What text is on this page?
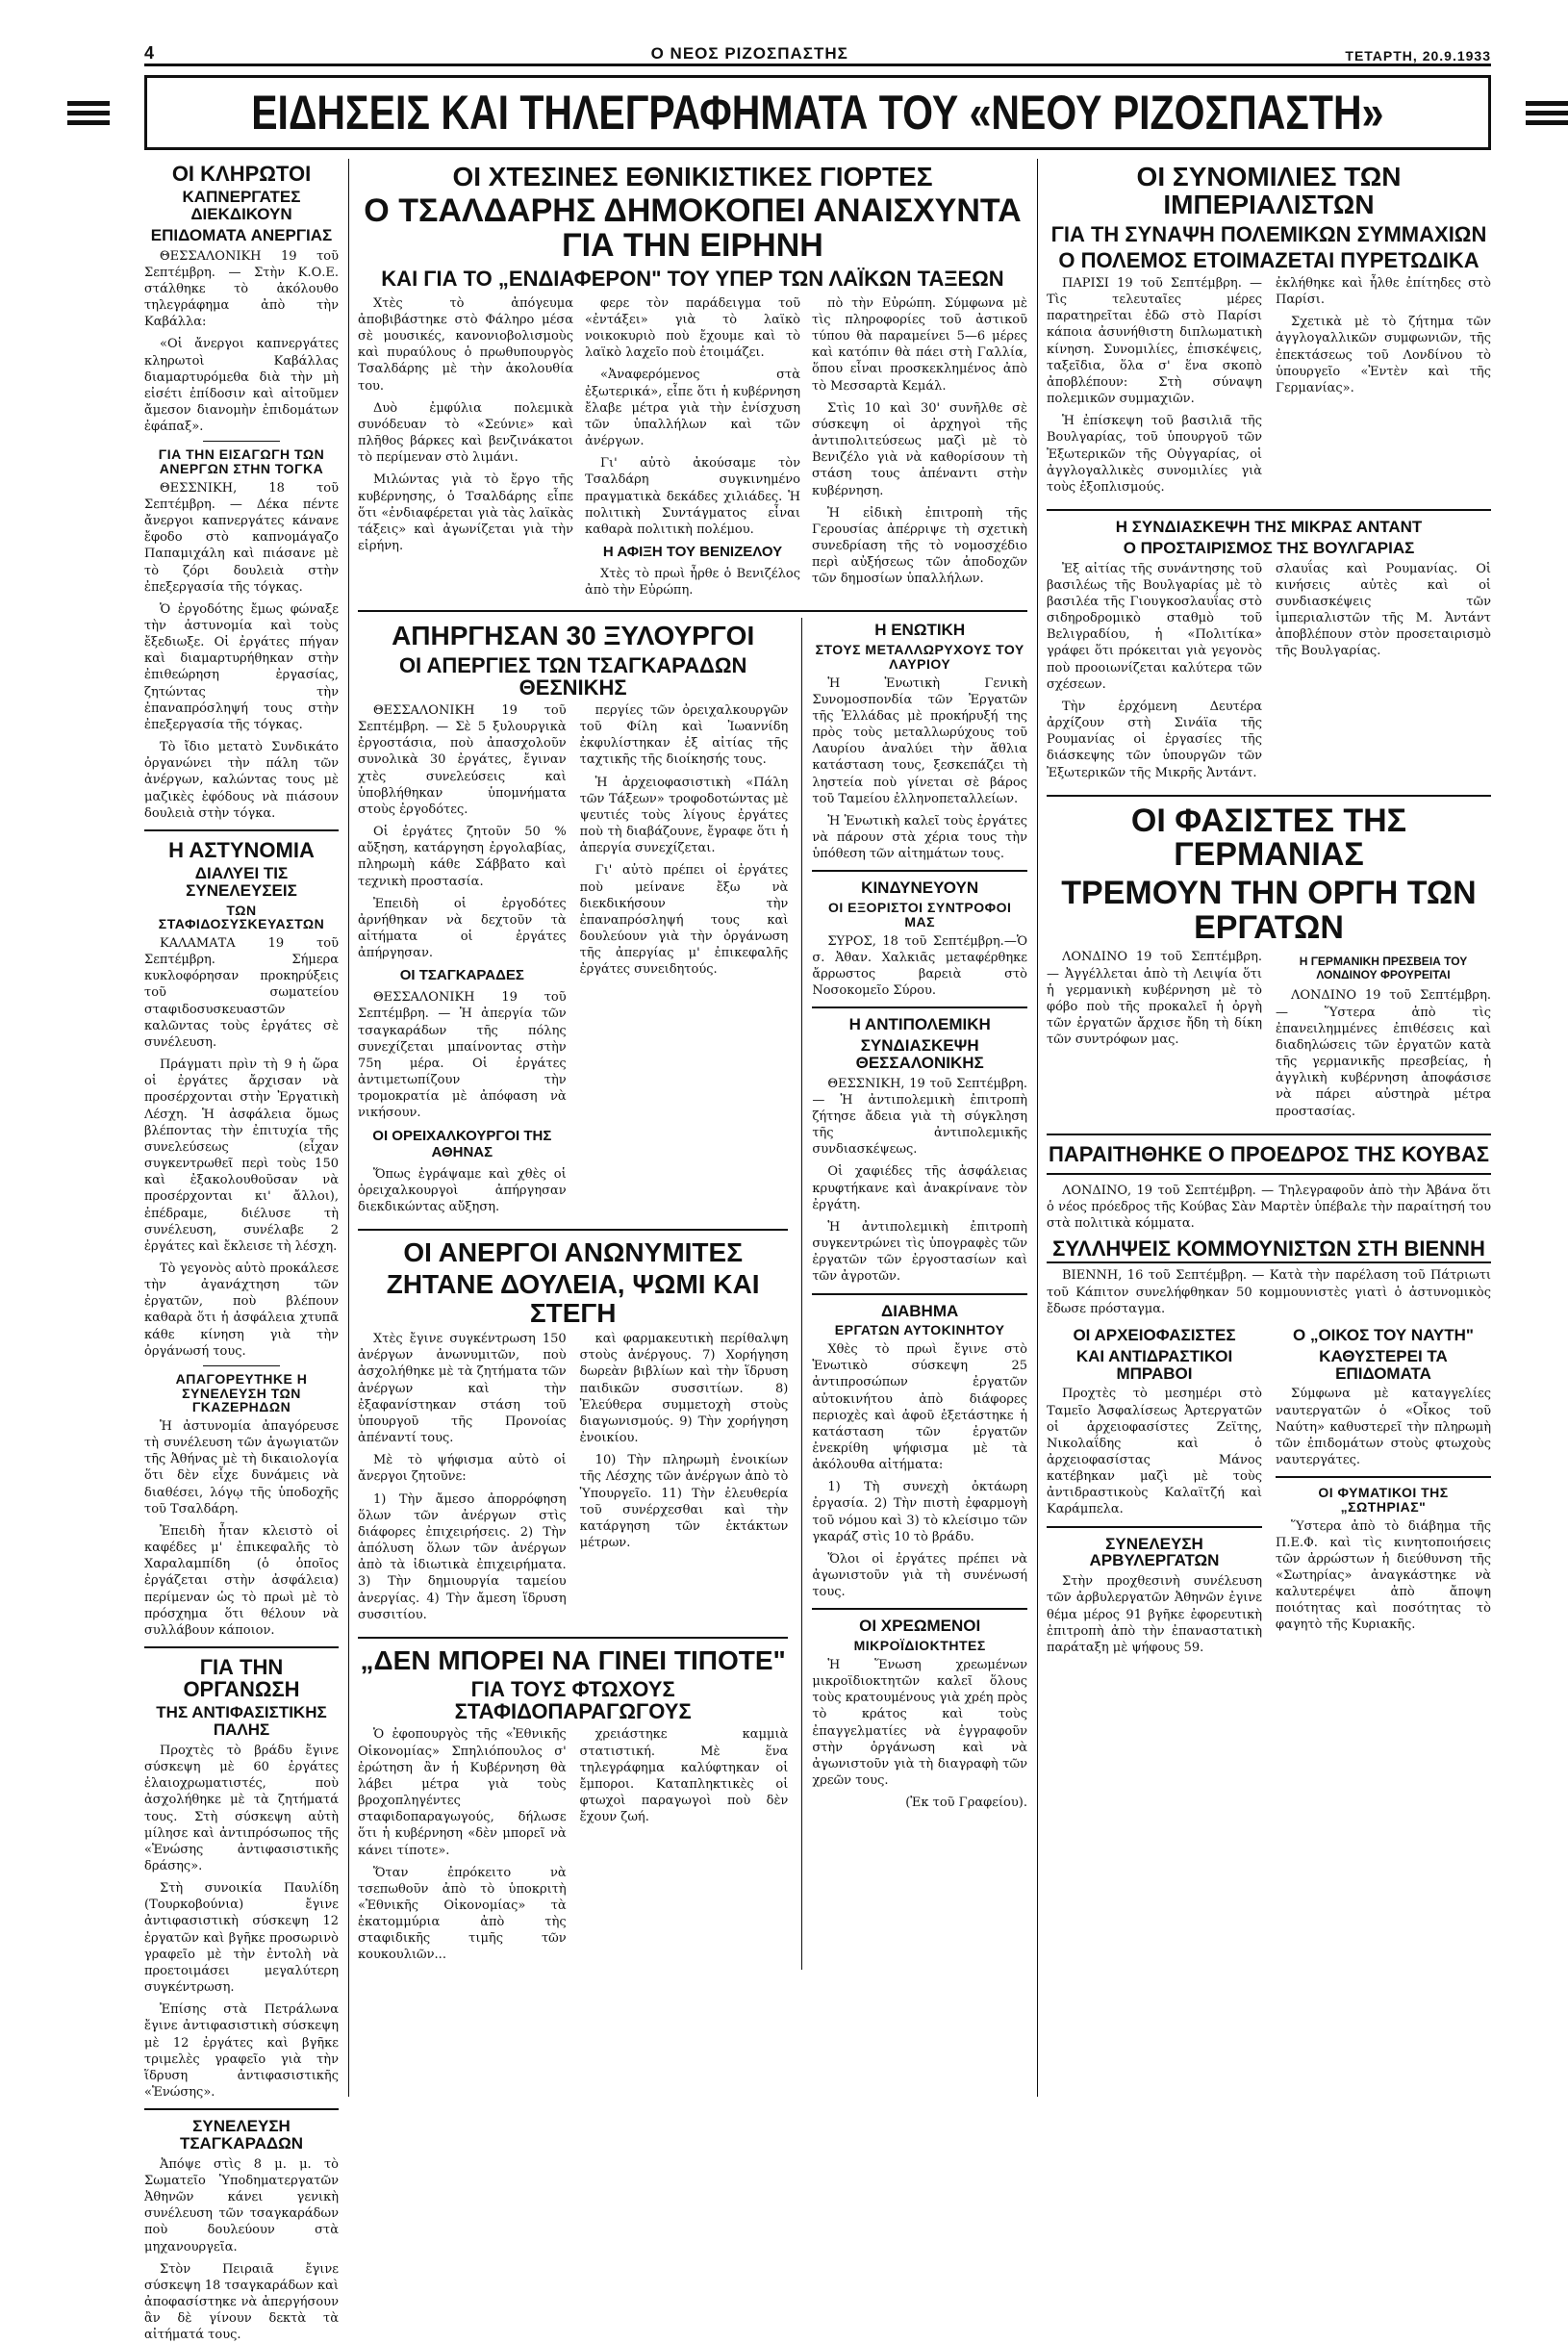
4	Ο ΝΕΟΣ ΡΙΖΟΣΠΑΣΤΗΣ	ΤΕΤΑΡΤΗ, 20.9.1933
ΕΙΔΗΣΕΙΣ ΚΑΙ ΤΗΛΕΓΡΑΦΗΜΑΤΑ ΤΟΥ «ΝΕΟΥ ΡΙΖΟΣΠΑΣΤΗ»
ΟΙ ΚΛΗΡΩΤΟΙ
ΚΑΠΝΕΡΓΑΤΕΣ ΔΙΕΚΔΙΚΟΥΝ
ΕΠΙΔΟΜΑΤΑ ΑΝΕΡΓΙΑΣ

ΘΕΣΣΑΛΟΝΙΚΗ 19 τοῦ Σεπτέμβρη. — Στὴν Κ.Ο.Ε. στάλθηκε τὸ ἀκόλουθο τηλεγράφημα ἀπὸ τὴν Καβάλλα:

«Οἱ ἄνεργοι καπνεργάτες κληρωτοὶ Καβάλλας διαμαρτυρόμεθα διὰ τὴν μὴ εἰσέτι ἐπίδοσιν καὶ αἰτοῦμεν ἄμεσον διανομὴν ἐπιδομάτων ἐφάπαξ».

ΓΙΑ ΤΗΝ ΕΙΣΑΓΩΓΗ ΤΩΝ ΑΝΕΡΓΩΝ ΣΤΗΝ ΤΟΓΚΑ

ΘΕΣΣΝΙΚΗ, 18 τοῦ Σεπτέμβρη. — Δέκα πέντε ἄνεργοι καπνεργάτες κάνανε ἔφοδο στὸ καπνομάγαζο Παπαμιχάλη καὶ πιάσανε μὲ τὸ ζόρι δουλειὰ στὴν ἐπεξεργασία τῆς τόγκας.

Ὁ ἐργοδότης ἔμως φώναξε τὴν ἀστυνομία καὶ τοὺς ἔξεδιωξε. Οἱ ἐργάτες πήγαν καὶ διαμαρτυρήθηκαν στὴν ἐπιθεώρηση ἐργασίας, ζητώντας τὴν ἐπαναπρόσληψή τους στὴν ἐπεξεργασία τῆς τόγκας.

Τὸ ἴδιο μετατὸ Συνδικάτο ὀργανώνει τὴν πάλη τῶν ἀνέργων, καλώντας τους μὲ μαζικὲς ἐφόδους νὰ πιάσουν δουλειὰ στὴν τόγκα.

Η ΑΣΤΥΝΟΜΙΑ
ΔΙΑΛΥΕΙ ΤΙΣ ΣΥΝΕΛΕΥΣΕΙΣ
ΤΩΝ ΣΤΑΦΙΔΟΣΥΣΚΕΥΑΣΤΩΝ

ΚΑΛΑΜΑΤΑ 19 τοῦ Σεπτέμβρη. Σήμερα κυκλοφόρησαν προκηρύξεις τοῦ σωματείου σταφιδοσυσκευαστῶν καλῶντας τοὺς ἐργάτες σὲ συνέλευση.

Πράγματι πρὶν τὴ 9 ἡ ὥρα οἱ ἐργάτες ἄρχισαν νὰ προσέρχονται στὴν Ἐργατικὴ Λέσχη. Ἡ ἀσφάλεια ὅμως βλέποντας τὴν ἐπιτυχία τῆς συνελεύσεως (εἶχαν συγκεντρωθεῖ περὶ τοὺς 150 καὶ ἐξακολουθοῦσαν νὰ προσέρχονται κι' ἄλλοι), ἐπέδραμε, διέλυσε τὴ συνέλευση, συνέλαβε 2 ἐργάτες καὶ ἔκλεισε τὴ λέσχη.

Τὸ γεγονὸς αὐτὸ προκάλεσε τὴν ἀγανάχτηση τῶν ἐργατῶν, ποὺ βλέπουν καθαρὰ ὅτι ἡ ἀσφάλεια χτυπᾶ κάθε κίνηση γιὰ τὴν ὀργάνωσή τους.

ΑΠΑΓΟΡΕΥΤΗΚΕ Η ΣΥΝΕΛΕΥΣΗ ΤΩΝ ΓΚΑΖΕΡΗΔΩΝ

Ἡ ἀστυνομία ἀπαγόρευσε τὴ συνέλευση τῶν ἀγωγιατῶν τῆς Ἀθήνας μὲ τὴ δικαιολογία ὅτι δὲν εἶχε δυνάμεις νὰ διαθέσει, λόγῳ τῆς ὑποδοχῆς τοῦ Τσαλδάρη.

Ἐπειδὴ ἦταν κλειστὸ οἱ καφέδες μ' ἐπικεφαλῆς τὸ Χαραλαμπίδη (ὁ ὁποῖος ἐργάζεται στὴν ἀσφάλεια) περίμεναν ὡς τὸ πρωὶ μὲ τὸ πρόσχημα ὅτι θέλουν νὰ συλλάβουν κάποιον.

ΓΙΑ ΤΗΝ ΟΡΓΑΝΩΣΗ
ΤΗΣ ΑΝΤΙΦΑΣΙΣΤΙΚΗΣ ΠΑΛΗΣ

Προχτὲς τὸ βράδυ ἔγινε σύσκεψη μὲ 60 ἐργάτες ἐλαιοχρωματιστές, ποὺ ἀσχολήθηκε μὲ τὰ ζητήματά τους. Στὴ σύσκεψη αὐτὴ μίλησε καὶ ἀντιπρόσωπος τῆς «Ἑνώσης ἀντιφασιστικῆς δράσης».

Στὴ συνοικία Παυλίδη (Τουρκοβούνια) ἔγινε ἀντιφασιστικὴ σύσκεψη 12 ἐργατῶν καὶ βγῆκε προσωρινὸ γραφεῖο μὲ τὴν ἐντολὴ νὰ προετοιμάσει μεγαλύτερη συγκέντρωση.

Ἐπίσης στὰ Πετράλωνα ἔγινε ἀντιφασιστικὴ σύσκεψη μὲ 12 ἐργάτες καὶ βγῆκε τριμελὲς γραφεῖο γιὰ τὴν ἵδρυση ἀντιφασιστικῆς «Ἑνώσης».

ΣΥΝΕΛΕΥΣΗ ΤΣΑΓΚΑΡΑΔΩΝ

Ἀπόψε στὶς 8 μ. μ. τὸ Σωματεῖο Ὑποδηματεργατῶν Ἀθηνῶν κάνει γενικὴ συνέλευση τῶν τσαγκαράδων ποὺ δουλεύουν στὰ μηχανουργεῖα.

Στὸν Πειραιᾶ ἔγινε σύσκεψη 18 τσαγκαράδων καὶ ἀποφασίστηκε νὰ ἀπεργήσουν ἂν δὲ γίνουν δεκτὰ τὰ αἰτήματά τους.

ΟΙ ΧΤΕΣΙΝΕΣ ΕΘΝΙΚΙΣΤΙΚΕΣ ΓΙΟΡΤΕΣ
Ο ΤΣΑΛΔΑΡΗΣ ΔΗΜΟΚΟΠΕΙ ΑΝΑΙΣΧΥΝΤΑ ΓΙΑ ΤΗΝ ΕΙΡΗΝΗ
ΚΑΙ ΓΙΑ ΤΟ „ΕΝΔΙΑΦΕΡΟΝ" ΤΟΥ ΥΠΕΡ ΤΩΝ ΛΑΪΚΩΝ ΤΑΞΕΩΝ

Χτὲς τὸ ἀπόγευμα ἀποβιβάστηκε στὸ Φάληρο μέσα σὲ μουσικές, κανονιοβολισμοὺς καὶ πυραύλους ὁ πρωθυπουργὸς Τσαλδάρης μὲ τὴν ἀκολουθία του.

Δυὸ ἐμφύλια πολεμικὰ συνόδευαν τὸ «Σεύνιε» καὶ πλῆθος βάρκες καὶ βενζινάκατοι τὸ περίμεναν στὸ λιμάνι.

Μιλώντας γιὰ τὸ ἔργο τῆς κυβέρνησης, ὁ Τσαλδάρης εἶπε ὅτι «ἐνδιαφέρεται γιὰ τὰς λαϊκὰς τάξεις» καὶ ἀγωνίζεται γιὰ τὴν εἰρήνη.

φερε τὸν παράδειγμα τοῦ «ἐντάξει» γιὰ τὸ λαϊκὸ νοικοκυριὸ ποὺ ἔχουμε καὶ τὸ λαϊκὸ λαχεῖο ποὺ ἐτοιμάζει.

«Ἀναφερόμενος στὰ ἐξωτερικά», εἶπε ὅτι ἡ κυβέρνηση ἔλαβε μέτρα γιὰ τὴν ἐνίσχυση τῶν ὑπαλλήλων καὶ τῶν ἀνέργων.

Γι' αὐτὸ ἀκούσαμε τὸν Τσαλδάρη συγκινημένο πραγματικὰ δεκάδες χιλιάδες. Ἡ πολιτικὴ Συντάγματος εἶναι καθαρὰ πολιτικὴ πολέμου.

Η ΑΦΙΞΗ ΤΟΥ ΒΕΝΙΖΕΛΟΥ

Χτὲς τὸ πρωὶ ἦρθε ὁ Βενιζέλος ἀπὸ τὴν Εὐρώπη.

πὸ τὴν Εὐρώπη. Σύμφωνα μὲ τὶς πληροφορίες τοῦ ἀστικοῦ τύπου θὰ παραμείνει 5—6 μέρες καὶ κατόπιν θὰ πάει στὴ Γαλλία, ὅπου εἶναι προσκεκλημένος ἀπὸ τὸ Μεσσαρτὰ Κεμάλ.

Στὶς 10 καὶ 30' συνῆλθε σὲ σύσκεψη οἱ ἀρχηγοὶ τῆς ἀντιπολιτεύσεως μαζὶ μὲ τὸ Βενιζέλο γιὰ νὰ καθορίσουν τὴ στάση τους ἀπέναντι στὴν κυβέρνηση.

Ἡ εἰδικὴ ἐπιτροπὴ τῆς Γερουσίας ἀπέρριψε τὴ σχετικὴ συνεδρίαση τῆς τὸ νομοσχέδιο περὶ αὐξήσεως τῶν ἀποδοχῶν τῶν δημοσίων ὑπαλλήλων.

ΑΠΗΡΓΗΣΑΝ 30 ΞΥΛΟΥΡΓΟΙ
ΟΙ ΑΠΕΡΓΙΕΣ ΤΩΝ ΤΣΑΓΚΑΡΑΔΩΝ ΘΕΣΝΙΚΗΣ

ΘΕΣΣΑΛΟΝΙΚΗ 19 τοῦ Σεπτέμβρη. — Σὲ 5 ξυλουργικὰ ἐργοστάσια, ποὺ ἀπασχολοῦν συνολικὰ 30 ἐργάτες, ἔγιναν χτὲς συνελεύσεις καὶ ὑποβλήθηκαν ὑπομνήματα στοὺς ἐργοδότες.

Οἱ ἐργάτες ζητοῦν 50 % αὔξηση, κατάργηση ἐργολαβίας, πληρωμὴ κάθε Σάββατο καὶ τεχνικὴ προστασία.

Ἐπειδὴ οἱ ἐργοδότες ἀρνήθηκαν νὰ δεχτοῦν τὰ αἰτήματα οἱ ἐργάτες ἀπήργησαν.

ΟΙ ΤΣΑΓΚΑΡΑΔΕΣ

ΘΕΣΣΑΛΟΝΙΚΗ 19 τοῦ Σεπτέμβρη. — Ἡ ἀπεργία τῶν τσαγκαράδων τῆς πόλης συνεχίζεται μπαίνοντας στὴν 75η μέρα. Οἱ ἐργάτες ἀντιμετωπίζουν τὴν τρομοκρατία μὲ ἀπόφαση νὰ νικήσουν.

ΟΙ ΟΡΕΙΧΑΛΚΟΥΡΓΟΙ ΤΗΣ ΑΘΗΝΑΣ

Ὅπως ἐγράψαμε καὶ χθὲς οἱ ὀρειχαλκουργοὶ ἀπήργησαν διεκδικώντας αὔξηση.

περγίες τῶν ὀρειχαλκουργῶν τοῦ Φίλη καὶ Ἰωαννίδη ἐκφυλίστηκαν ἐξ αἰτίας τῆς ταχτικῆς τῆς διοίκησής τους.

Ἡ ἀρχειοφασιστικὴ «Πάλη τῶν Τάξεων» τροφοδοτώντας μὲ ψευτιές τοὺς λίγους ἐργάτες ποὺ τὴ διαβάζουνε, ἔγραφε ὅτι ἡ ἀπεργία συνεχίζεται.

Γι' αὐτὸ πρέπει οἱ ἐργάτες ποὺ μείνανε ἔξω νὰ διεκδικήσουν τὴν ἐπαναπρόσληψή τους καὶ δουλεύουν γιὰ τὴν ὀργάνωση τῆς ἀπεργίας μ' ἐπικεφαλῆς ἐργάτες συνειδητούς.

ΟΙ ΑΝΕΡΓΟΙ ΑΝΩΝΥΜΙΤΕΣ
ΖΗΤΑΝΕ ΔΟΥΛΕΙΑ, ΨΩΜΙ ΚΑΙ ΣΤΕΓΗ

Χτὲς ἔγινε συγκέντρωση 150 ἀνέργων ἀνωνυμιτῶν, ποὺ ἀσχολήθηκε μὲ τὰ ζητήματα τῶν ἀνέργων καὶ τὴν ἐξαφανίστηκαν στάση τοῦ ὑπουργοῦ τῆς Προνοίας ἀπέναντί τους.

Μὲ τὸ ψήφισμα αὐτὸ οἱ ἄνεργοι ζητοῦνε:

1) Τὴν ἄμεσο ἀπορρόφηση ὅλων τῶν ἀνέργων στὶς διάφορες ἐπιχειρήσεις. 2) Τὴν ἀπόλυση ὅλων τῶν ἀνέργων ἀπὸ τὰ ἰδιωτικὰ ἐπιχειρήματα. 3) Τὴν δημιουργία ταμείου ἀνεργίας. 4) Τὴν ἄμεση ἵδρυση συσσιτίου.

καὶ φαρμακευτικὴ περίθαλψη στοὺς ἀνέργους. 7) Χορήγηση δωρεὰν βιβλίων καὶ τὴν ἵδρυση παιδικῶν συσσιτίων. 8) Ἐλεύθερα συμμετοχὴ στοὺς διαγωνισμούς. 9) Τὴν χορήγηση ἐνοικίου.

10) Τὴν πληρωμὴ ἐνοικίων τῆς Λέσχης τῶν ἀνέργων ἀπὸ τὸ Ὑπουργεῖο. 11) Τὴν ἐλευθερία τοῦ συνέρχεσθαι καὶ τὴν κατάργηση τῶν ἐκτάκτων μέτρων.

„ΔΕΝ ΜΠΟΡΕΙ ΝΑ ΓΙΝΕΙ ΤΙΠΟΤΕ"
ΓΙΑ ΤΟΥΣ ΦΤΩΧΟΥΣ ΣΤΑΦΙΔΟΠΑΡΑΓΩΓΟΥΣ

Ὁ ἐφοπουργὸς τῆς «Ἐθνικῆς Οἰκονομίας» Σπηλιόπουλος σ' ἐρώτηση ἂν ἡ Κυβέρνηση θὰ λάβει μέτρα γιὰ τοὺς βροχοπληγέντες σταφιδοπαραγωγούς, δήλωσε ὅτι ἡ κυβέρνηση «δὲν μπορεῖ νὰ κάνει τίποτε».

Ὅταν ἐπρόκειτο νὰ τσεπωθοῦν ἀπὸ τὸ ὑποκριτὴ «Ἐθνικῆς Οἰκονομίας» τὰ ἑκατομμύρια ἀπὸ τὴς σταφιδικῆς τιμῆς τῶν κουκουλιῶν...

χρειάστηκε καμμιὰ στατιστική. Μὲ ἕνα τηλεγράφημα καλύφτηκαν οἱ ἔμποροι. Καταπληκτικὲς οἱ φτωχοὶ παραγωγοὶ ποὺ δὲν ἔχουν ζωή.

Η ΕΝΩΤΙΚΗ
ΣΤΟΥΣ ΜΕΤΑΛΛΩΡΥΧΟΥΣ ΤΟΥ ΛΑΥΡΙΟΥ

Ἡ Ἑνωτικὴ Γενικὴ Συνομοσπονδία τῶν Ἐργατῶν τῆς Ἑλλάδας μὲ προκήρυξή της πρὸς τοὺς μεταλλωρύχους τοῦ Λαυρίου ἀναλύει τὴν ἄθλια κατάσταση τους, ξεσκεπάζει τὴ ληστεία ποὺ γίνεται σὲ βάρος τοῦ Ταμείου ἐλληνοπεταλλείων.

Ἡ Ἑνωτικὴ καλεῖ τοὺς ἐργάτες νὰ πάρουν στὰ χέρια τους τὴν ὑπόθεση τῶν αἰτημάτων τους.

ΚΙΝΔΥΝΕΥΟΥΝ
ΟΙ ΕΞΟΡΙΣΤΟΙ ΣΥΝΤΡΟΦΟΙ ΜΑΣ

ΣΥΡΟΣ, 18 τοῦ Σεπτέμβρη.—Ὁ σ. Ἀθαν. Χαλκιᾶς μεταφέρθηκε ἄρρωστος βαρειὰ στὸ Νοσοκομεῖο Σύρου.

Η ΑΝΤΙΠΟΛΕΜΙΚΗ
ΣΥΝΔΙΑΣΚΕΨΗ ΘΕΣΣΑΛΟΝΙΚΗΣ

ΘΕΣΣΝΙΚΗ, 19 τοῦ Σεπτέμβρη. — Ἡ ἀντιπολεμικὴ ἐπιτροπὴ ζήτησε ἄδεια γιὰ τὴ σύγκληση τῆς ἀντιπολεμικῆς συνδιασκέψεως.

Οἱ χαφιέδες τῆς ἀσφάλειας κρυφτήκανε καὶ ἀνακρίνανε τὸν ἐργάτη.

Ἡ ἀντιπολεμικὴ ἐπιτροπὴ συγκεντρώνει τὶς ὑπογραφὲς τῶν ἐργατῶν τῶν ἐργοστασίων καὶ τῶν ἀγροτῶν.

ΔΙΑΒΗΜΑ
ΕΡΓΑΤΩΝ ΑΥΤΟΚΙΝΗΤΟΥ

Χθὲς τὸ πρωὶ ἔγινε στὸ Ἑνωτικὸ σύσκεψη 25 ἀντιπροσώπων ἐργατῶν αὐτοκινήτου ἀπὸ διάφορες περιοχὲς καὶ ἀφοῦ ἐξετάστηκε ἡ κατάσταση τῶν ἐργατῶν ἐνεκρίθη ψήφισμα μὲ τὰ ἀκόλουθα αἰτήματα:

1) Τὴ συνεχὴ ὀκτάωρη ἐργασία. 2) Τὴν πιστὴ ἐφαρμογὴ τοῦ νόμου καὶ 3) τὸ κλείσιμο τῶν γκαράζ στὶς 10 τὸ βράδυ.

Ὅλοι οἱ ἐργάτες πρέπει νὰ ἀγωνιστοῦν γιὰ τὴ συνένωσή τους.

ΟΙ ΧΡΕΩΜΕΝΟΙ
ΜΙΚΡΟΪΔΙΟΚΤΗΤΕΣ

Ἡ Ἕνωση χρεωμένων μικροϊδιοκτητῶν καλεῖ ὅλους τοὺς κρατουμένους γιὰ χρέη πρὸς τὸ κράτος καὶ τοὺς ἐπαγγελματίες νὰ ἐγγραφοῦν στὴν ὀργάνωση καὶ νὰ ἀγωνιστοῦν γιὰ τὴ διαγραφὴ τῶν χρεῶν τους.

(Ἐκ τοῦ Γραφείου).

ΟΙ ΣΥΝΟΜΙΛΙΕΣ ΤΩΝ ΙΜΠΕΡΙΑΛΙΣΤΩΝ
ΓΙΑ ΤΗ ΣΥΝΑΨΗ ΠΟΛΕΜΙΚΩΝ ΣΥΜΜΑΧΙΩΝ
Ο ΠΟΛΕΜΟΣ ΕΤΟΙΜΑΖΕΤΑΙ ΠΥΡΕΤΩΔΙΚΑ

ΠΑΡΙΣΙ 19 τοῦ Σεπτέμβρη. — Τὶς τελευταῖες μέρες παρατηρεῖται ἐδῶ στὸ Παρίσι κάποια ἀσυνήθιστη διπλωματικὴ κίνηση. Συνομιλίες, ἐπισκέψεις, ταξεῖδια, ὅλα σ' ἕνα σκοπὸ ἀποβλέπουν: Στὴ σύναψη πολεμικῶν συμμαχιῶν.

Ἡ ἐπίσκεψη τοῦ βασιλιᾶ τῆς Βουλγαρίας, τοῦ ὑπουργοῦ τῶν Ἐξωτερικῶν τῆς Οὐγγαρίας, οἱ ἀγγλογαλλικὲς συνομιλίες γιὰ τοὺς ἐξοπλισμούς.

ἐκλήθηκε καὶ ἦλθε ἐπίτηδες στὸ Παρίσι.

Σχετικὰ μὲ τὸ ζήτημα τῶν ἀγγλογαλλικῶν συμφωνιῶν, τῆς ἐπεκτάσεως τοῦ Λονδίνου τὸ ὑπουργεῖο «Ἐντὲν καὶ τῆς Γερμανίας».

Η ΣΥΝΔΙΑΣΚΕΨΗ ΤΗΣ ΜΙΚΡΑΣ ΑΝΤΑΝΤ
Ο ΠΡΟΣΤΑΙΡΙΣΜΟΣ ΤΗΣ ΒΟΥΛΓΑΡΙΑΣ

Ἐξ αἰτίας τῆς συνάντησης τοῦ βασιλέως τῆς Βουλγαρίας μὲ τὸ βασιλέα τῆς Γιουγκοσλαυΐας στὸ σιδηροδρομικὸ σταθμὸ τοῦ Βελιγραδίου, ἡ «Πολιτίκα» γράφει ὅτι πρόκειται γιὰ γεγονὸς ποὺ προοιωνίζεται καλύτερα τῶν σχέσεων.

Τὴν ἐρχόμενη Δευτέρα ἀρχίζουν στὴ Σινάϊα τῆς Ρουμανίας οἱ ἐργασίες τῆς διάσκεψης τῶν ὑπουργῶν τῶν Ἐξωτερικῶν τῆς Μικρῆς Ἀντάντ.

σλαυΐας καὶ Ρουμανίας. Οἱ κινήσεις αὐτὲς καὶ οἱ συνδιασκέψεις τῶν ἱμπεριαλιστῶν τῆς Μ. Ἀντάντ ἀποβλέπουν στὸν προσεταιρισμὸ τῆς Βουλγαρίας.

ΟΙ ΦΑΣΙΣΤΕΣ ΤΗΣ ΓΕΡΜΑΝΙΑΣ
ΤΡΕΜΟΥΝ ΤΗΝ ΟΡΓΗ ΤΩΝ ΕΡΓΑΤΩΝ

ΛΟΝΔΙΝΟ 19 τοῦ Σεπτέμβρη. — Ἀγγέλλεται ἀπὸ τὴ Λειψία ὅτι ἡ γερμανικὴ κυβέρνηση μὲ τὸ φόβο ποὺ τῆς προκαλεῖ ἡ ὀργὴ τῶν ἐργατῶν ἄρχισε ἤδη τὴ δίκη τῶν συντρόφων μας.

Η ΓΕΡΜΑΝΙΚΗ ΠΡΕΣΒΕΙΑ ΤΟΥ ΛΟΝΔΙΝΟΥ ΦΡΟΥΡΕΙΤΑΙ

ΛΟΝΔΙΝΟ 19 τοῦ Σεπτέμβρη. — Ὕστερα ἀπὸ τὶς ἐπανειλημμένες ἐπιθέσεις καὶ διαδηλώσεις τῶν ἐργατῶν κατὰ τῆς γερμανικῆς πρεσβείας, ἡ ἀγγλικὴ κυβέρνηση ἀποφάσισε νὰ πάρει αὐστηρὰ μέτρα προστασίας.

ΠΑΡΑΙΤΗΘΗΚΕ Ο ΠΡΟΕΔΡΟΣ ΤΗΣ ΚΟΥΒΑΣ

ΛΟΝΔΙΝΟ, 19 τοῦ Σεπτέμβρη. — Τηλεγραφοῦν ἀπὸ τὴν Ἀβάνα ὅτι ὁ νέος πρόεδρος τῆς Κούβας Σὰν Μαρτὲν ὑπέβαλε τὴν παραίτησή του στὰ πολιτικὰ κόμματα.

ΣΥΛΛΗΨΕΙΣ ΚΟΜΜΟΥΝΙΣΤΩΝ ΣΤΗ ΒΙΕΝΝΗ

ΒΙΕΝΝΗ, 16 τοῦ Σεπτέμβρη. — Κατὰ τὴν παρέλαση τοῦ Πάτριωτι τοῦ Κάπιτον συνελήφθηκαν 50 κομμουνιστὲς γιατὶ ὁ ἀστυνομικὸς ἔδωσε πρόσταγμα.

ΟΙ ΑΡΧΕΙΟΦΑΣΙΣΤΕΣ
ΚΑΙ ΑΝΤΙΔΡΑΣΤΙΚΟΙ ΜΠΡΑΒΟΙ

Προχτὲς τὸ μεσημέρι στὸ Ταμεῖο Ἀσφαλίσεως Ἀρτεργατῶν οἱ ἀρχειοφασίστες Ζεϊτης, Νικολαΐδης καὶ ὁ ἀρχειοφασίστας Μάνος κατέβηκαν μαζὶ μὲ τοὺς ἀντιδραστικοὺς Καλαϊτζή καὶ Καράμπελα.

ΣΥΝΕΛΕΥΣΗ ΑΡΒΥΛΕΡΓΑΤΩΝ

Στὴν προχθεσινὴ συνέλευση τῶν ἀρβυλεργατῶν Ἀθηνῶν ἐγινε θέμα μέρος 91 βγῆκε ἐφορευτικὴ ἐπιτροπὴ ἀπὸ τὴν ἐπαναστατικὴ παράταξη μὲ ψήφους 59.

Ο „ΟΙΚΟΣ ΤΟΥ ΝΑΥΤΗ"
ΚΑΘΥΣΤΕΡΕΙ ΤΑ ΕΠΙΔΟΜΑΤΑ

Σύμφωνα μὲ καταγγελίες ναυτεργατῶν ὁ «Οἶκος τοῦ Ναύτη» καθυστερεῖ τὴν πληρωμὴ τῶν ἐπιδομάτων στοὺς φτωχοὺς ναυτεργάτες.

ΟΙ ΦΥΜΑΤΙΚΟΙ ΤΗΣ „ΣΩΤΗΡΙΑΣ"

Ὕστερα ἀπὸ τὸ διάβημα τῆς Π.Ε.Φ. καὶ τὶς κινητοποιήσεις τῶν ἀρρώστων ἡ διεύθυνση τῆς «Σωτηρίας» ἀναγκάστηκε νὰ καλυτερέψει ἀπὸ ἄποψη ποιότητας καὶ ποσότητας τὸ φαγητὸ τῆς Κυριακῆς.
